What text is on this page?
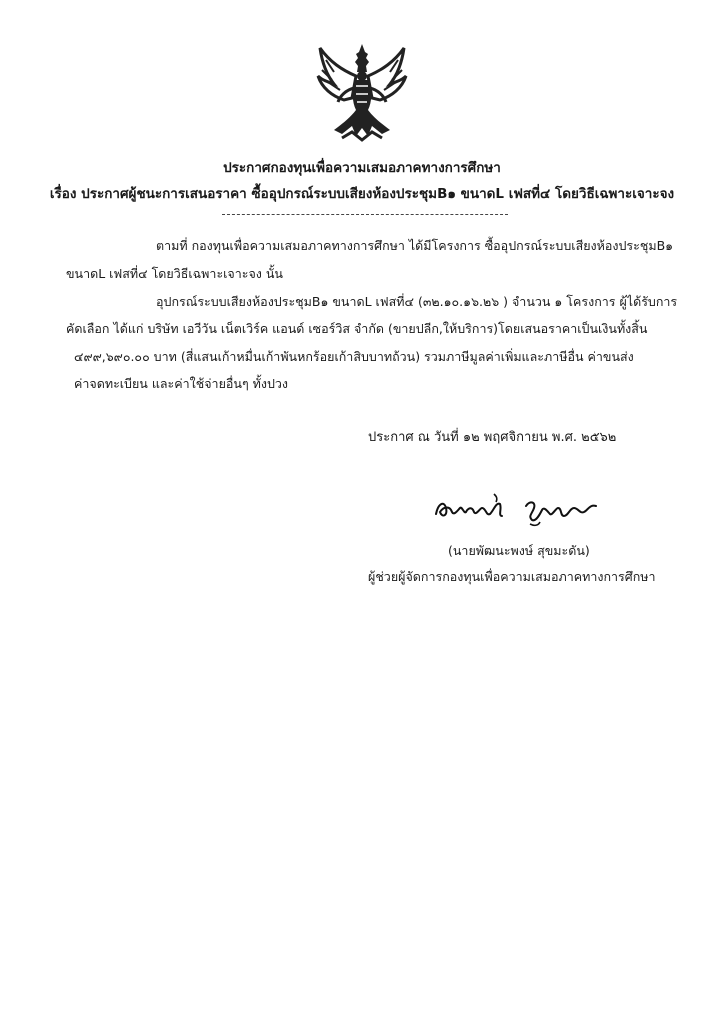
ประกาศกองทุนเพื่อความเสมอภาคทางการศึกษา
เรื่อง ประกาศผู้ชนะการเสนอราคา ซื้ออุปกรณ์ระบบเสียงห้องประชุมB๑ ขนาดL เฟสที่๔ โดยวิธีเฉพาะเจาะจง
ตามที่ กองทุนเพื่อความเสมอภาคทางการศึกษา ได้มีโครงการ ซื้ออุปกรณ์ระบบเสียงห้องประชุมB๑
ขนาดL เฟสที่๔ โดยวิธีเฉพาะเจาะจง นั้น
อุปกรณ์ระบบเสียงห้องประชุมB๑ ขนาดL เฟสที่๔ (๓๒.๑๐.๑๖.๒๖ ) จำนวน ๑ โครงการ ผู้ได้รับการ
คัดเลือก ได้แก่ บริษัท เอวีวัน เน็ตเวิร์ค แอนด์ เซอร์วิส จำกัด (ขายปลีก,ให้บริการ)โดยเสนอราคาเป็นเงินทั้งสิ้น
๔๙๙,๖๙๐.๐๐ บาท (สี่แสนเก้าหมื่นเก้าพันหกร้อยเก้าสิบบาทถ้วน) รวมภาษีมูลค่าเพิ่มและภาษีอื่น ค่าขนส่ง
ค่าจดทะเบียน และค่าใช้จ่ายอื่นๆ ทั้งปวง
ประกาศ ณ วันที่ ๑๒ พฤศจิกายน พ.ศ. ๒๕๖๒
(นายพัฒนะพงษ์ สุขมะดัน)
ผู้ช่วยผู้จัดการกองทุนเพื่อความเสมอภาคทางการศึกษา
